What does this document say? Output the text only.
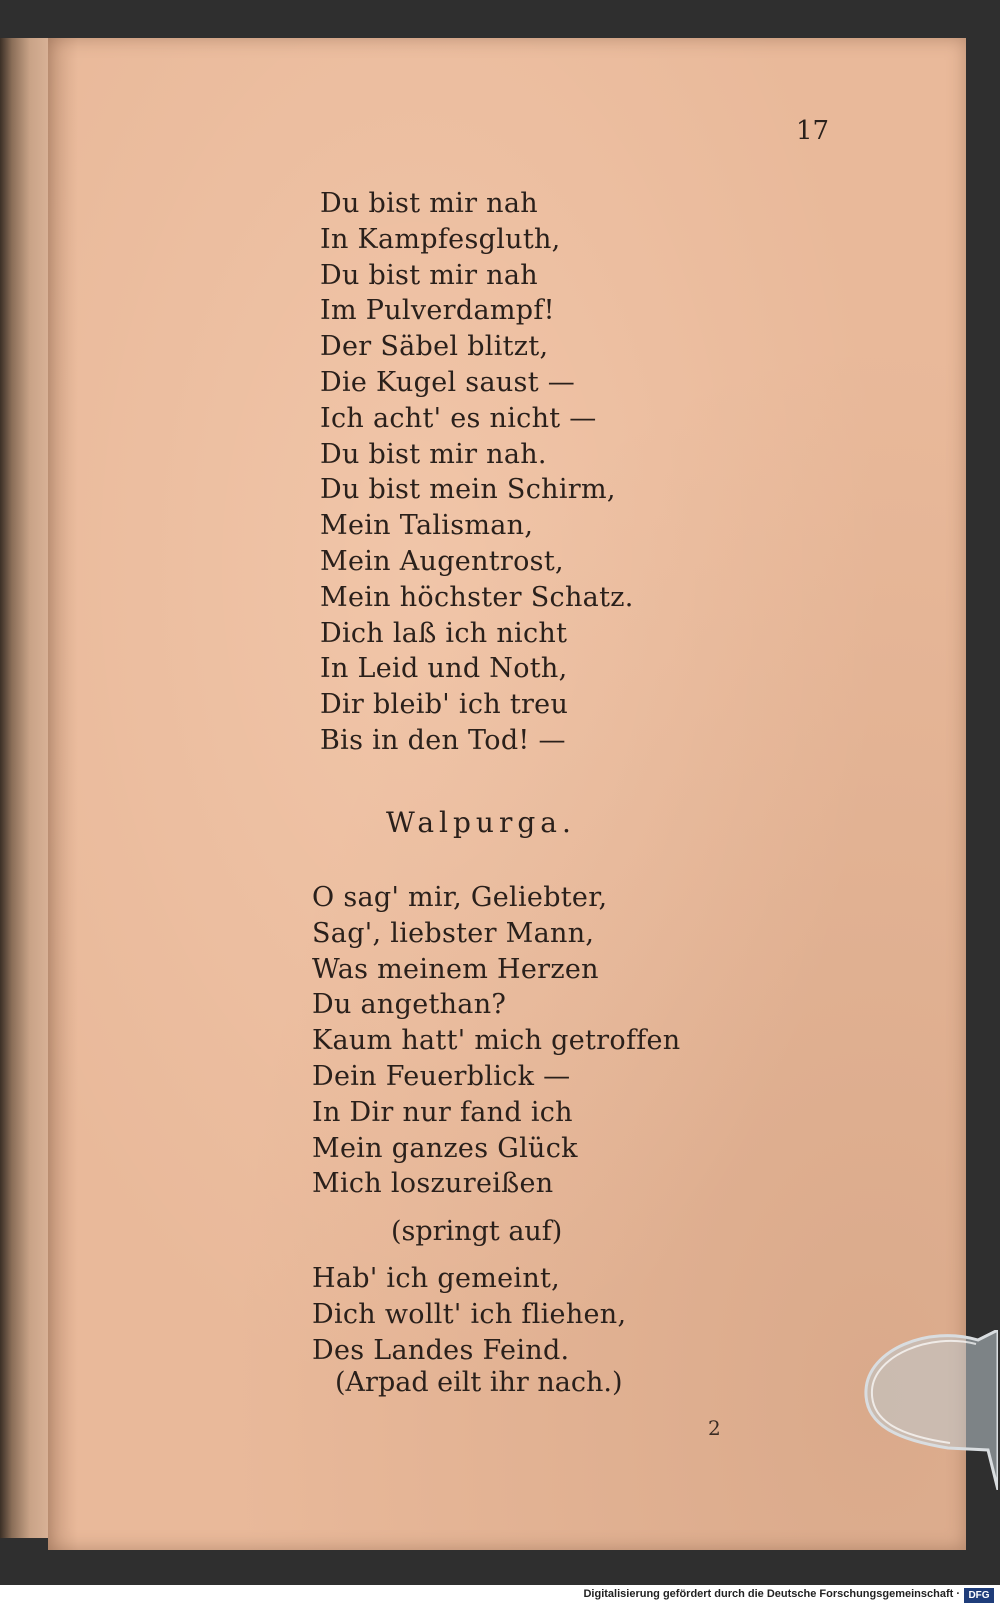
17
Du bist mir nah
In Kampfesgluth,
Du bist mir nah
Im Pulverdampf!
Der Säbel blitzt,
Die Kugel saust —
Ich acht' es nicht —
Du bist mir nah.
Du bist mein Schirm,
Mein Talisman,
Mein Augentrost,
Mein höchster Schatz.
Dich laß ich nicht
In Leid und Noth,
Dir bleib' ich treu
Bis in den Tod! —
Walpurga.
O sag' mir, Geliebter,
Sag', liebster Mann,
Was meinem Herzen
Du angethan?
Kaum hatt' mich getroffen
Dein Feuerblick —
In Dir nur fand ich
Mein ganzes Glück
Mich loszureißen
(springt auf)
Hab' ich gemeint,
Dich wollt' ich fliehen,
Des Landes Feind.
(Arpad eilt ihr nach.)
2
Digitalisierung gefördert durch die Deutsche Forschungsgemeinschaft · DFG
